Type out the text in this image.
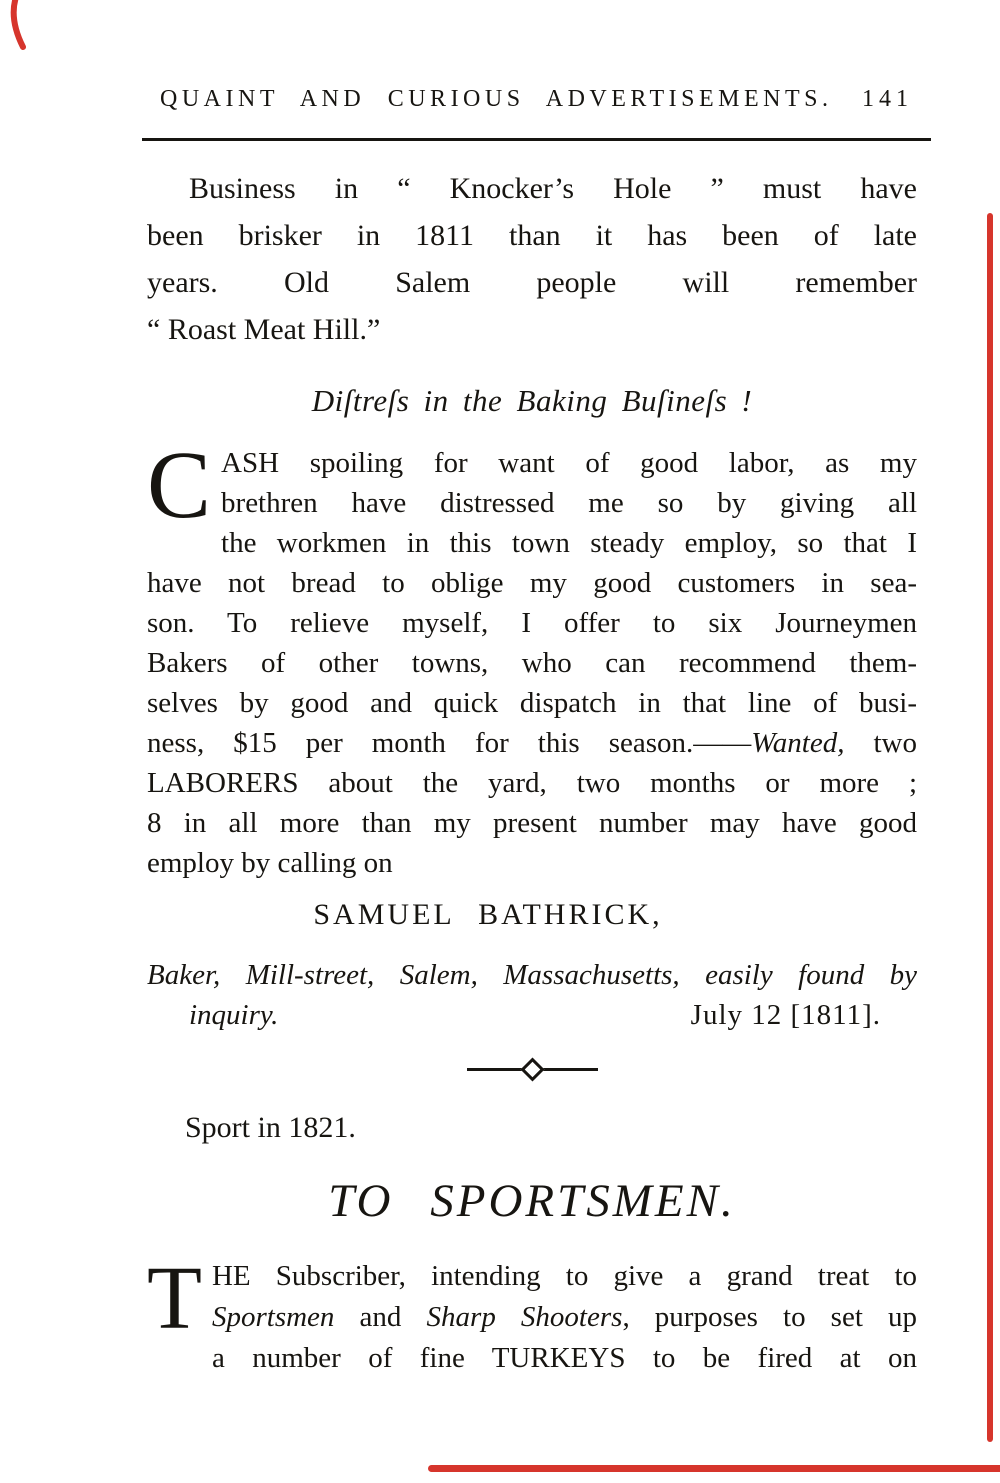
QUAINT AND CURIOUS ADVERTISEMENTS. 141
Business in “ Knocker’s Hole ” must have
been brisker in 1811 than it has been of late
years. Old Salem people will remember
“ Roast Meat Hill.”
Diſtreſs in the Baking Buſineſs !
C ASH spoiling for want of good labor, as my
brethren have distressed me so by giving all
the workmen in this town steady employ, so that I
have not bread to oblige my good customers in sea-
son. To relieve myself, I offer to six Journeymen
Bakers of other towns, who can recommend them-
selves by good and quick dispatch in that line of busi-
ness, $15 per month for this season.——Wanted, two
LABORERS about the yard, two months or more ;
8 in all more than my present number may have good
employ by calling on
SAMUEL BATHRICK,
Baker, Mill-street, Salem, Massachusetts, easily found by
inquiry.	July 12 [1811].
Sport in 1821.
TO SPORTSMEN.
T HE Subscriber, intending to give a grand treat to
Sportsmen and Sharp Shooters, purposes to set up
a number of fine TURKEYS to be fired at on
